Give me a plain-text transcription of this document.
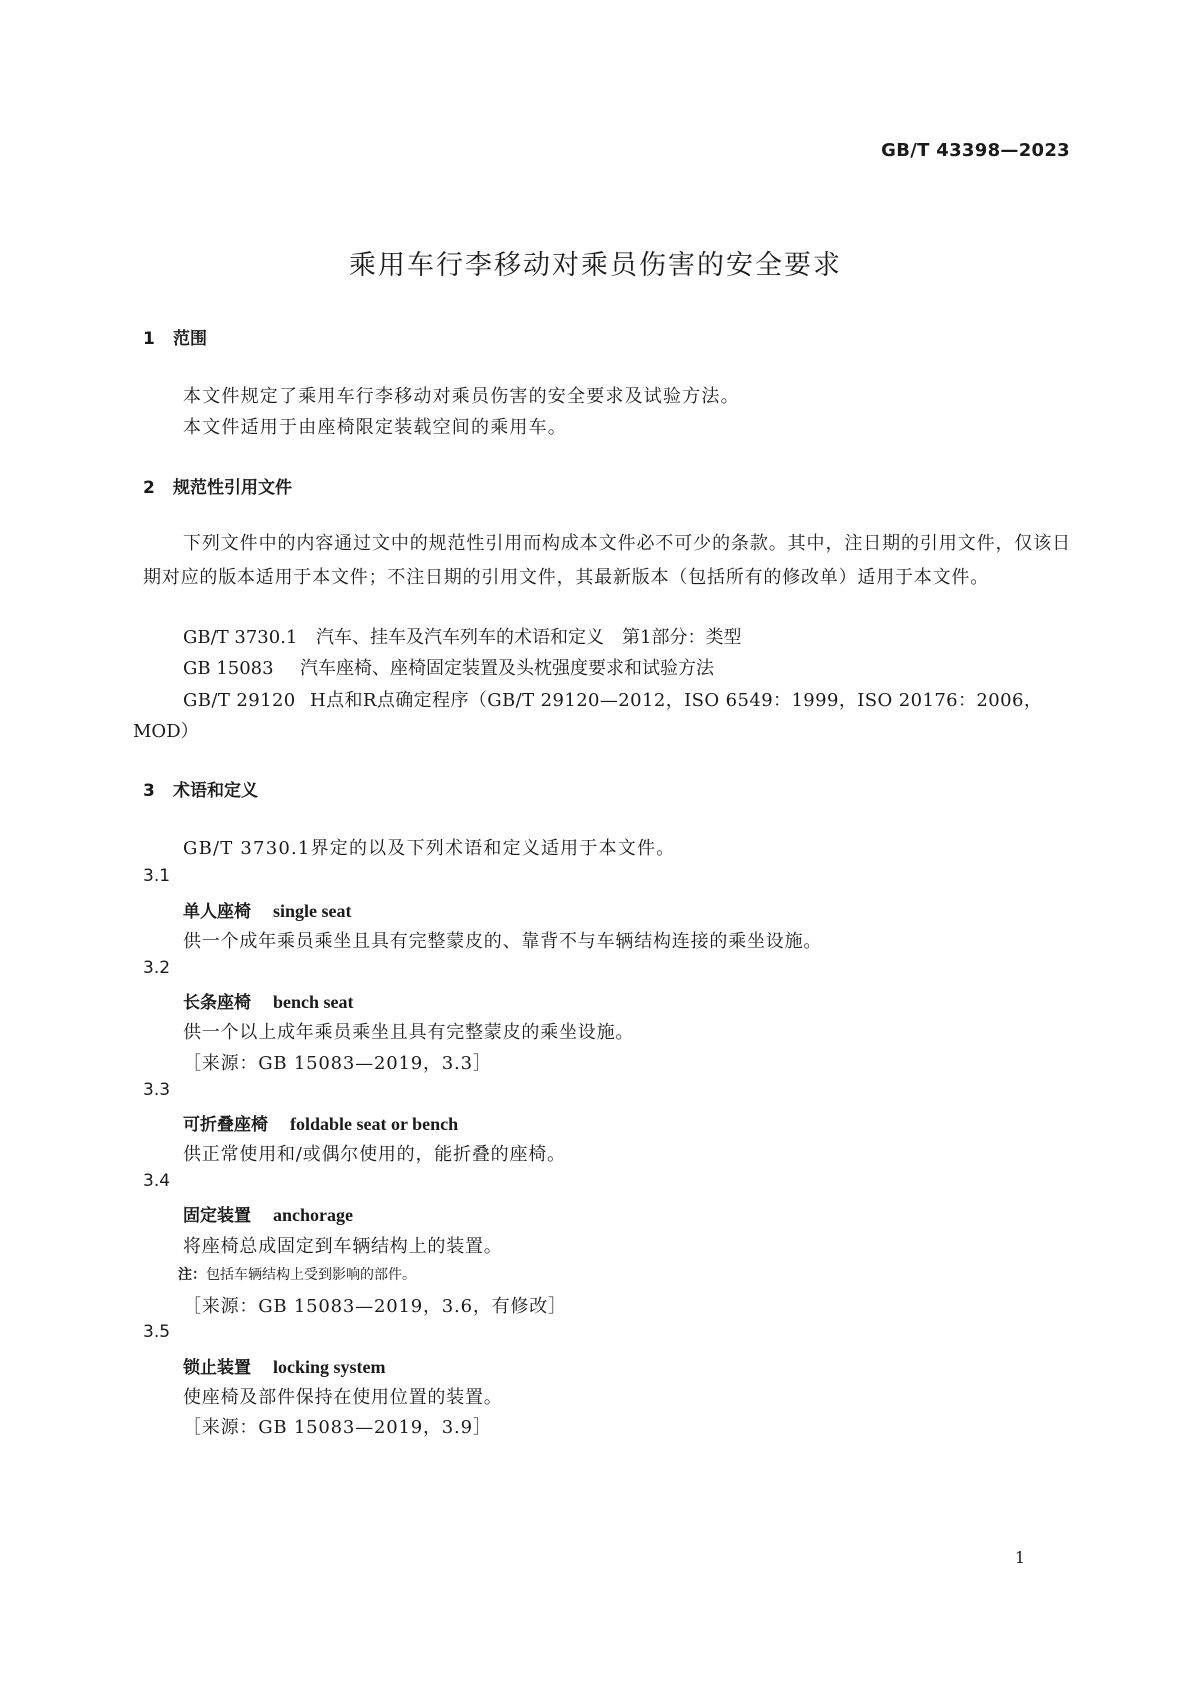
GB/T 43398—2023
乘用车行李移动对乘员伤害的安全要求
1 范围
本文件规定了乘用车行李移动对乘员伤害的安全要求及试验方法。
本文件适用于由座椅限定装载空间的乘用车。
2 规范性引用文件
下列文件中的内容通过文中的规范性引用而构成本文件必不可少的条款。其中，注日期的引用文件，仅该日期对应的版本适用于本文件；不注日期的引用文件，其最新版本（包括所有的修改单）适用于本文件。
GB/T 3730.1 汽车、挂车及汽车列车的术语和定义　第1部分：类型
GB 15083 汽车座椅、座椅固定装置及头枕强度要求和试验方法
GB/T 29120 H点和R点确定程序（GB/T 29120—2012，ISO 6549：1999，ISO 20176：2006，
MOD）
3 术语和定义
GB/T 3730.1界定的以及下列术语和定义适用于本文件。
3.1
单人座椅 single seat
供一个成年乘员乘坐且具有完整蒙皮的、靠背不与车辆结构连接的乘坐设施。
3.2
长条座椅 bench seat
供一个以上成年乘员乘坐且具有完整蒙皮的乘坐设施。
［来源：GB 15083—2019，3.3］
3.3
可折叠座椅 foldable seat or bench
供正常使用和/或偶尔使用的，能折叠的座椅。
3.4
固定装置 anchorage
将座椅总成固定到车辆结构上的装置。
注：包括车辆结构上受到影响的部件。
［来源：GB 15083—2019，3.6，有修改］
3.5
锁止装置 locking system
使座椅及部件保持在使用位置的装置。
［来源：GB 15083—2019，3.9］
1
